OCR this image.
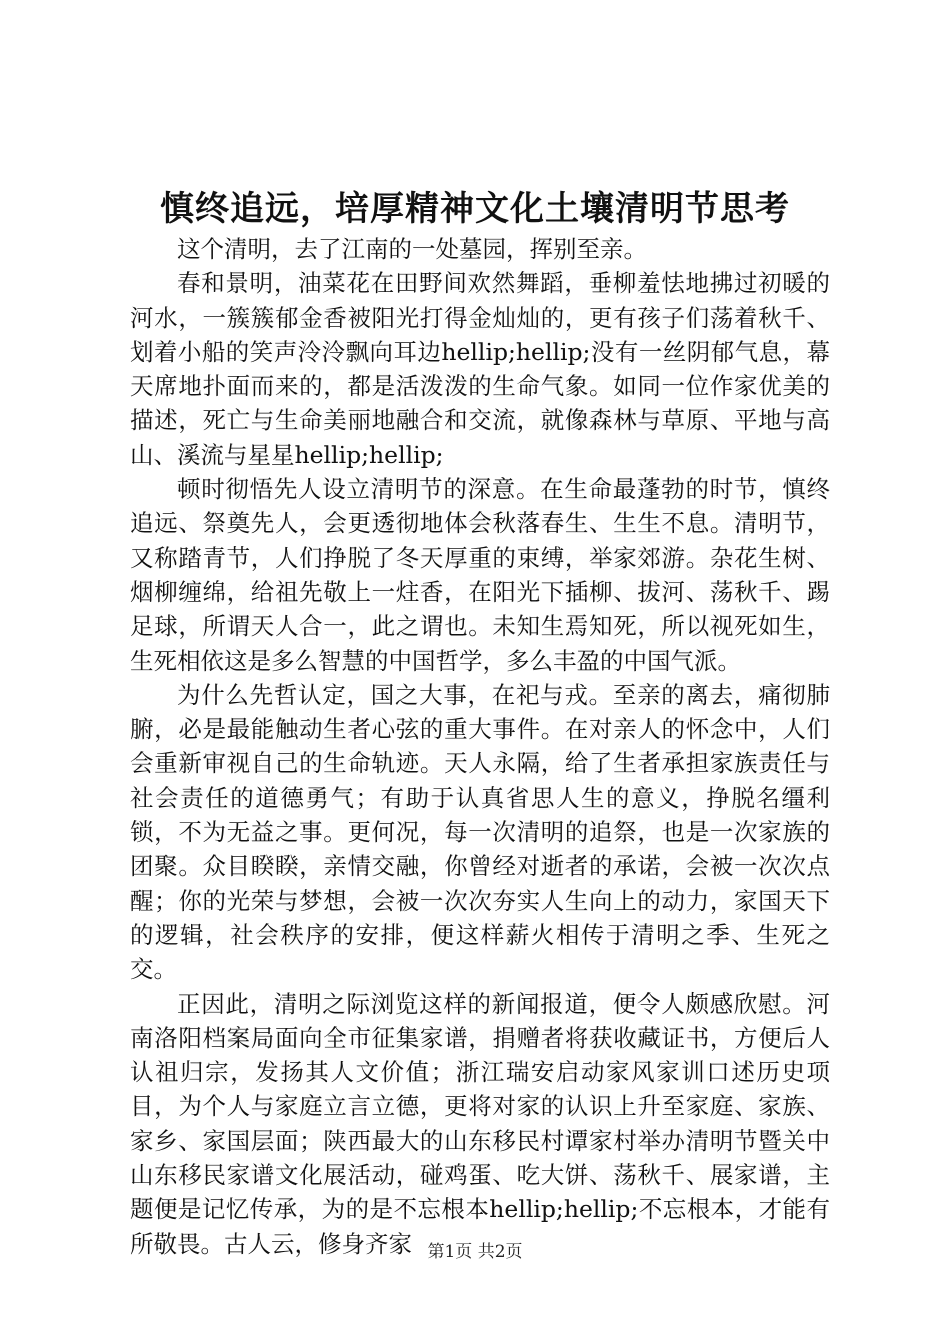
慎终追远，培厚精神文化土壤清明节思考

这个清明，去了江南的一处墓园，挥别至亲。

春和景明，油菜花在田野间欢然舞蹈，垂柳羞怯地拂过初暖的河水，一簇簇郁金香被阳光打得金灿灿的，更有孩子们荡着秋千、划着小船的笑声泠泠飘向耳边hellip;hellip;没有一丝阴郁气息，幕天席地扑面而来的，都是活泼泼的生命气象。如同一位作家优美的描述，死亡与生命美丽地融合和交流，就像森林与草原、平地与高山、溪流与星星hellip;hellip;

顿时彻悟先人设立清明节的深意。在生命最蓬勃的时节，慎终追远、祭奠先人，会更透彻地体会秋落春生、生生不息。清明节，又称踏青节，人们挣脱了冬天厚重的束缚，举家郊游。杂花生树、烟柳缠绵，给祖先敬上一炷香，在阳光下插柳、拔河、荡秋千、踢足球，所谓天人合一，此之谓也。未知生焉知死，所以视死如生，生死相依这是多么智慧的中国哲学，多么丰盈的中国气派。

为什么先哲认定，国之大事，在祀与戎。至亲的离去，痛彻肺腑，必是最能触动生者心弦的重大事件。在对亲人的怀念中，人们会重新审视自己的生命轨迹。天人永隔，给了生者承担家族责任与社会责任的道德勇气；有助于认真省思人生的意义，挣脱名缰利锁，不为无益之事。更何况，每一次清明的追祭，也是一次家族的团聚。众目睽睽，亲情交融，你曾经对逝者的承诺，会被一次次点醒；你的光荣与梦想，会被一次次夯实人生向上的动力，家国天下的逻辑，社会秩序的安排，便这样薪火相传于清明之季、生死之交。

正因此，清明之际浏览这样的新闻报道，便令人颇感欣慰。河南洛阳档案局面向全市征集家谱，捐赠者将获收藏证书，方便后人认祖归宗，发扬其人文价值；浙江瑞安启动家风家训口述历史项目，为个人与家庭立言立德，更将对家的认识上升至家庭、家族、家乡、家国层面；陕西最大的山东移民村谭家村举办清明节暨关中山东移民家谱文化展活动，碰鸡蛋、吃大饼、荡秋千、展家谱，主题便是记忆传承，为的是不忘根本hellip;hellip;不忘根本，才能有所敬畏。古人云，修身齐家 第1页 共2页
